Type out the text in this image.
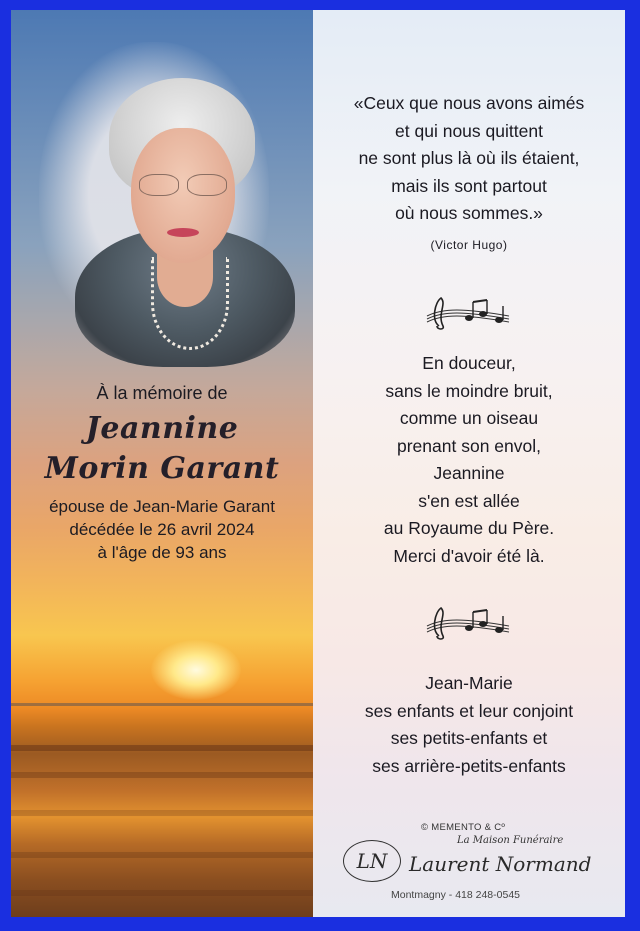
À la mémoire de
Jeannine
Morin Garant
épouse de Jean-Marie Garant
décédée le 26 avril 2024
à l'âge de 93 ans
«Ceux que nous avons aimés
et qui nous quittent
ne sont plus là où ils étaient,
mais ils sont partout
où nous sommes.»
(Victor Hugo)
En douceur,
sans le moindre bruit,
comme un oiseau
prenant son envol,
Jeannine
s'en est allée
au Royaume du Père.
Merci d'avoir été là.
Jean-Marie
ses enfants et leur conjoint
ses petits-enfants et
ses arrière-petits-enfants
© MEMENTO & Cº
La Maison Funéraire
LN	Laurent Normand
Montmagny - 418 248-0545
